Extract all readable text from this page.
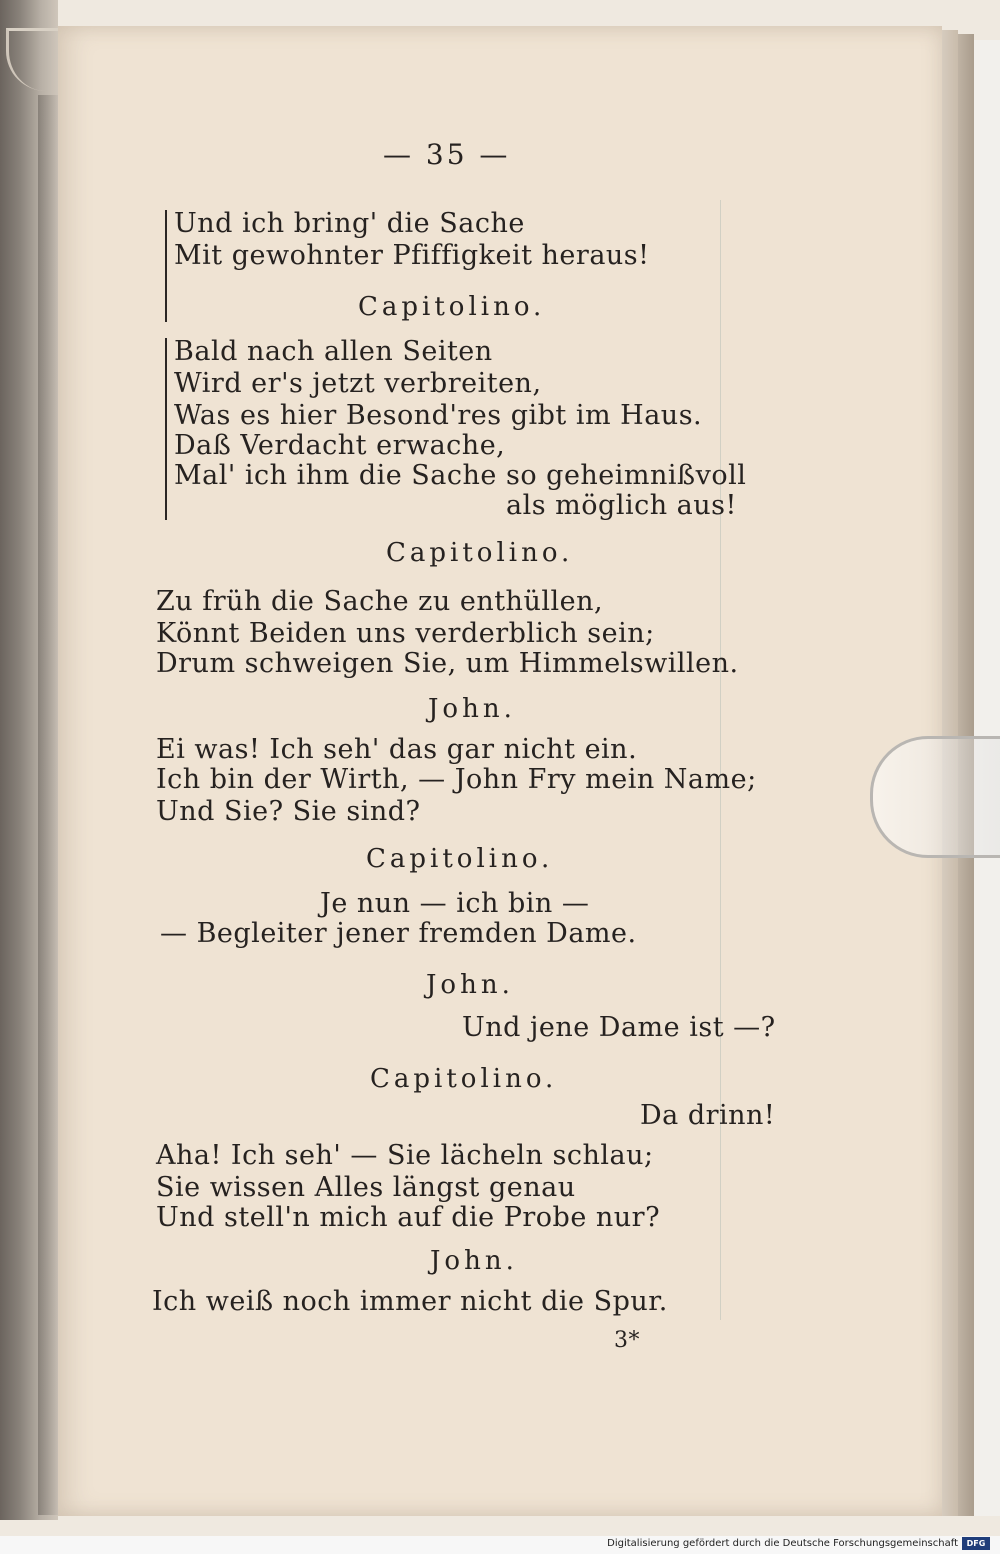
— 35 —
Und ich bring' die Sache
Mit gewohnter Pfiffigkeit heraus!
Capitolino.
Bald nach allen Seiten
Wird er's jetzt verbreiten,
Was es hier Besond'res gibt im Haus.
Daß Verdacht erwache,
Mal' ich ihm die Sache so geheimnißvoll
als möglich aus!
Capitolino.
Zu früh die Sache zu enthüllen,
Könnt Beiden uns verderblich sein;
Drum schweigen Sie, um Himmelswillen.
John.
Ei was! Ich seh' das gar nicht ein.
Ich bin der Wirth, — John Fry mein Name;
Und Sie? Sie sind?
Capitolino.
Je nun — ich bin —
— Begleiter jener fremden Dame.
John.
Und jene Dame ist —?
Capitolino.
Da drinn!
Aha! Ich seh' — Sie lächeln schlau;
Sie wissen Alles längst genau
Und stell'n mich auf die Probe nur?
John.
Ich weiß noch immer nicht die Spur.
3*
Digitalisierung gefördert durch die Deutsche Forschungsgemeinschaft	DFG
